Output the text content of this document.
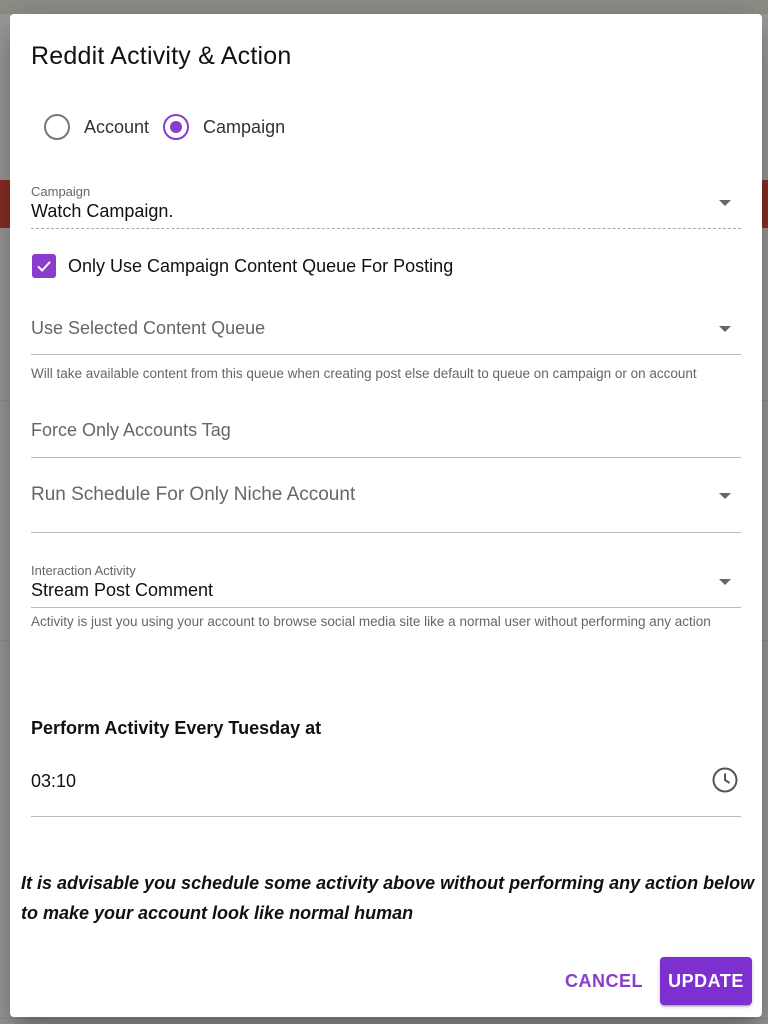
Reddit Activity & Action
Account	Campaign
Campaign
Watch Campaign.
Only Use Campaign Content Queue For Posting
Use Selected Content Queue
Will take available content from this queue when creating post else default to queue on campaign or on account
Force Only Accounts Tag
Run Schedule For Only Niche Account
Interaction Activity
Stream Post Comment
Activity is just you using your account to browse social media site like a normal user without performing any action
Perform Activity Every Tuesday at
03:10
It is advisable you schedule some activity above without performing any action below to make your account look like normal human
CANCEL	UPDATE
